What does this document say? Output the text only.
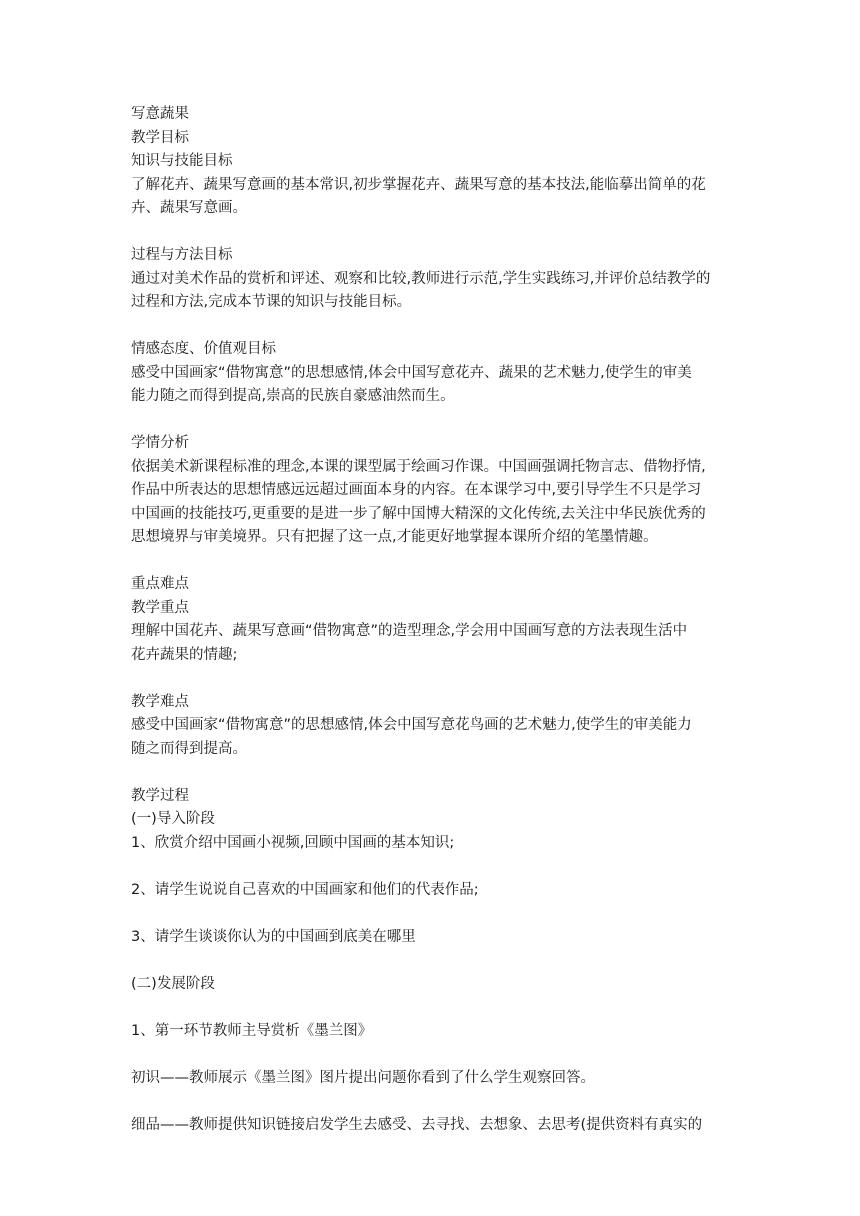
写意蔬果
教学目标
知识与技能目标
了解花卉、蔬果写意画的基本常识,初步掌握花卉、蔬果写意的基本技法,能临摹出简单的花
卉、蔬果写意画。
过程与方法目标
通过对美术作品的赏析和评述、观察和比较,教师进行示范,学生实践练习,并评价总结教学的
过程和方法,完成本节课的知识与技能目标。
情感态度、价值观目标
感受中国画家“借物寓意”的思想感情,体会中国写意花卉、蔬果的艺术魅力,使学生的审美
能力随之而得到提高,崇高的民族自豪感油然而生。
学情分析
依据美术新课程标准的理念,本课的课型属于绘画习作课。中国画强调托物言志、借物抒情,
作品中所表达的思想情感远远超过画面本身的内容。在本课学习中,要引导学生不只是学习
中国画的技能技巧,更重要的是进一步了解中国博大精深的文化传统,去关注中华民族优秀的
思想境界与审美境界。只有把握了这一点,才能更好地掌握本课所介绍的笔墨情趣。
重点难点
教学重点
理解中国花卉、蔬果写意画“借物寓意”的造型理念,学会用中国画写意的方法表现生活中
花卉蔬果的情趣;
教学难点
感受中国画家“借物寓意”的思想感情,体会中国写意花鸟画的艺术魅力,使学生的审美能力
随之而得到提高。
教学过程
(一)导入阶段
1、欣赏介绍中国画小视频,回顾中国画的基本知识;
2、请学生说说自己喜欢的中国画家和他们的代表作品;
3、请学生谈谈你认为的中国画到底美在哪里
(二)发展阶段
1、第一环节教师主导赏析《墨兰图》
初识——教师展示《墨兰图》图片提出问题你看到了什么学生观察回答。
细品——教师提供知识链接启发学生去感受、去寻找、去想象、去思考(提供资料有真实的
